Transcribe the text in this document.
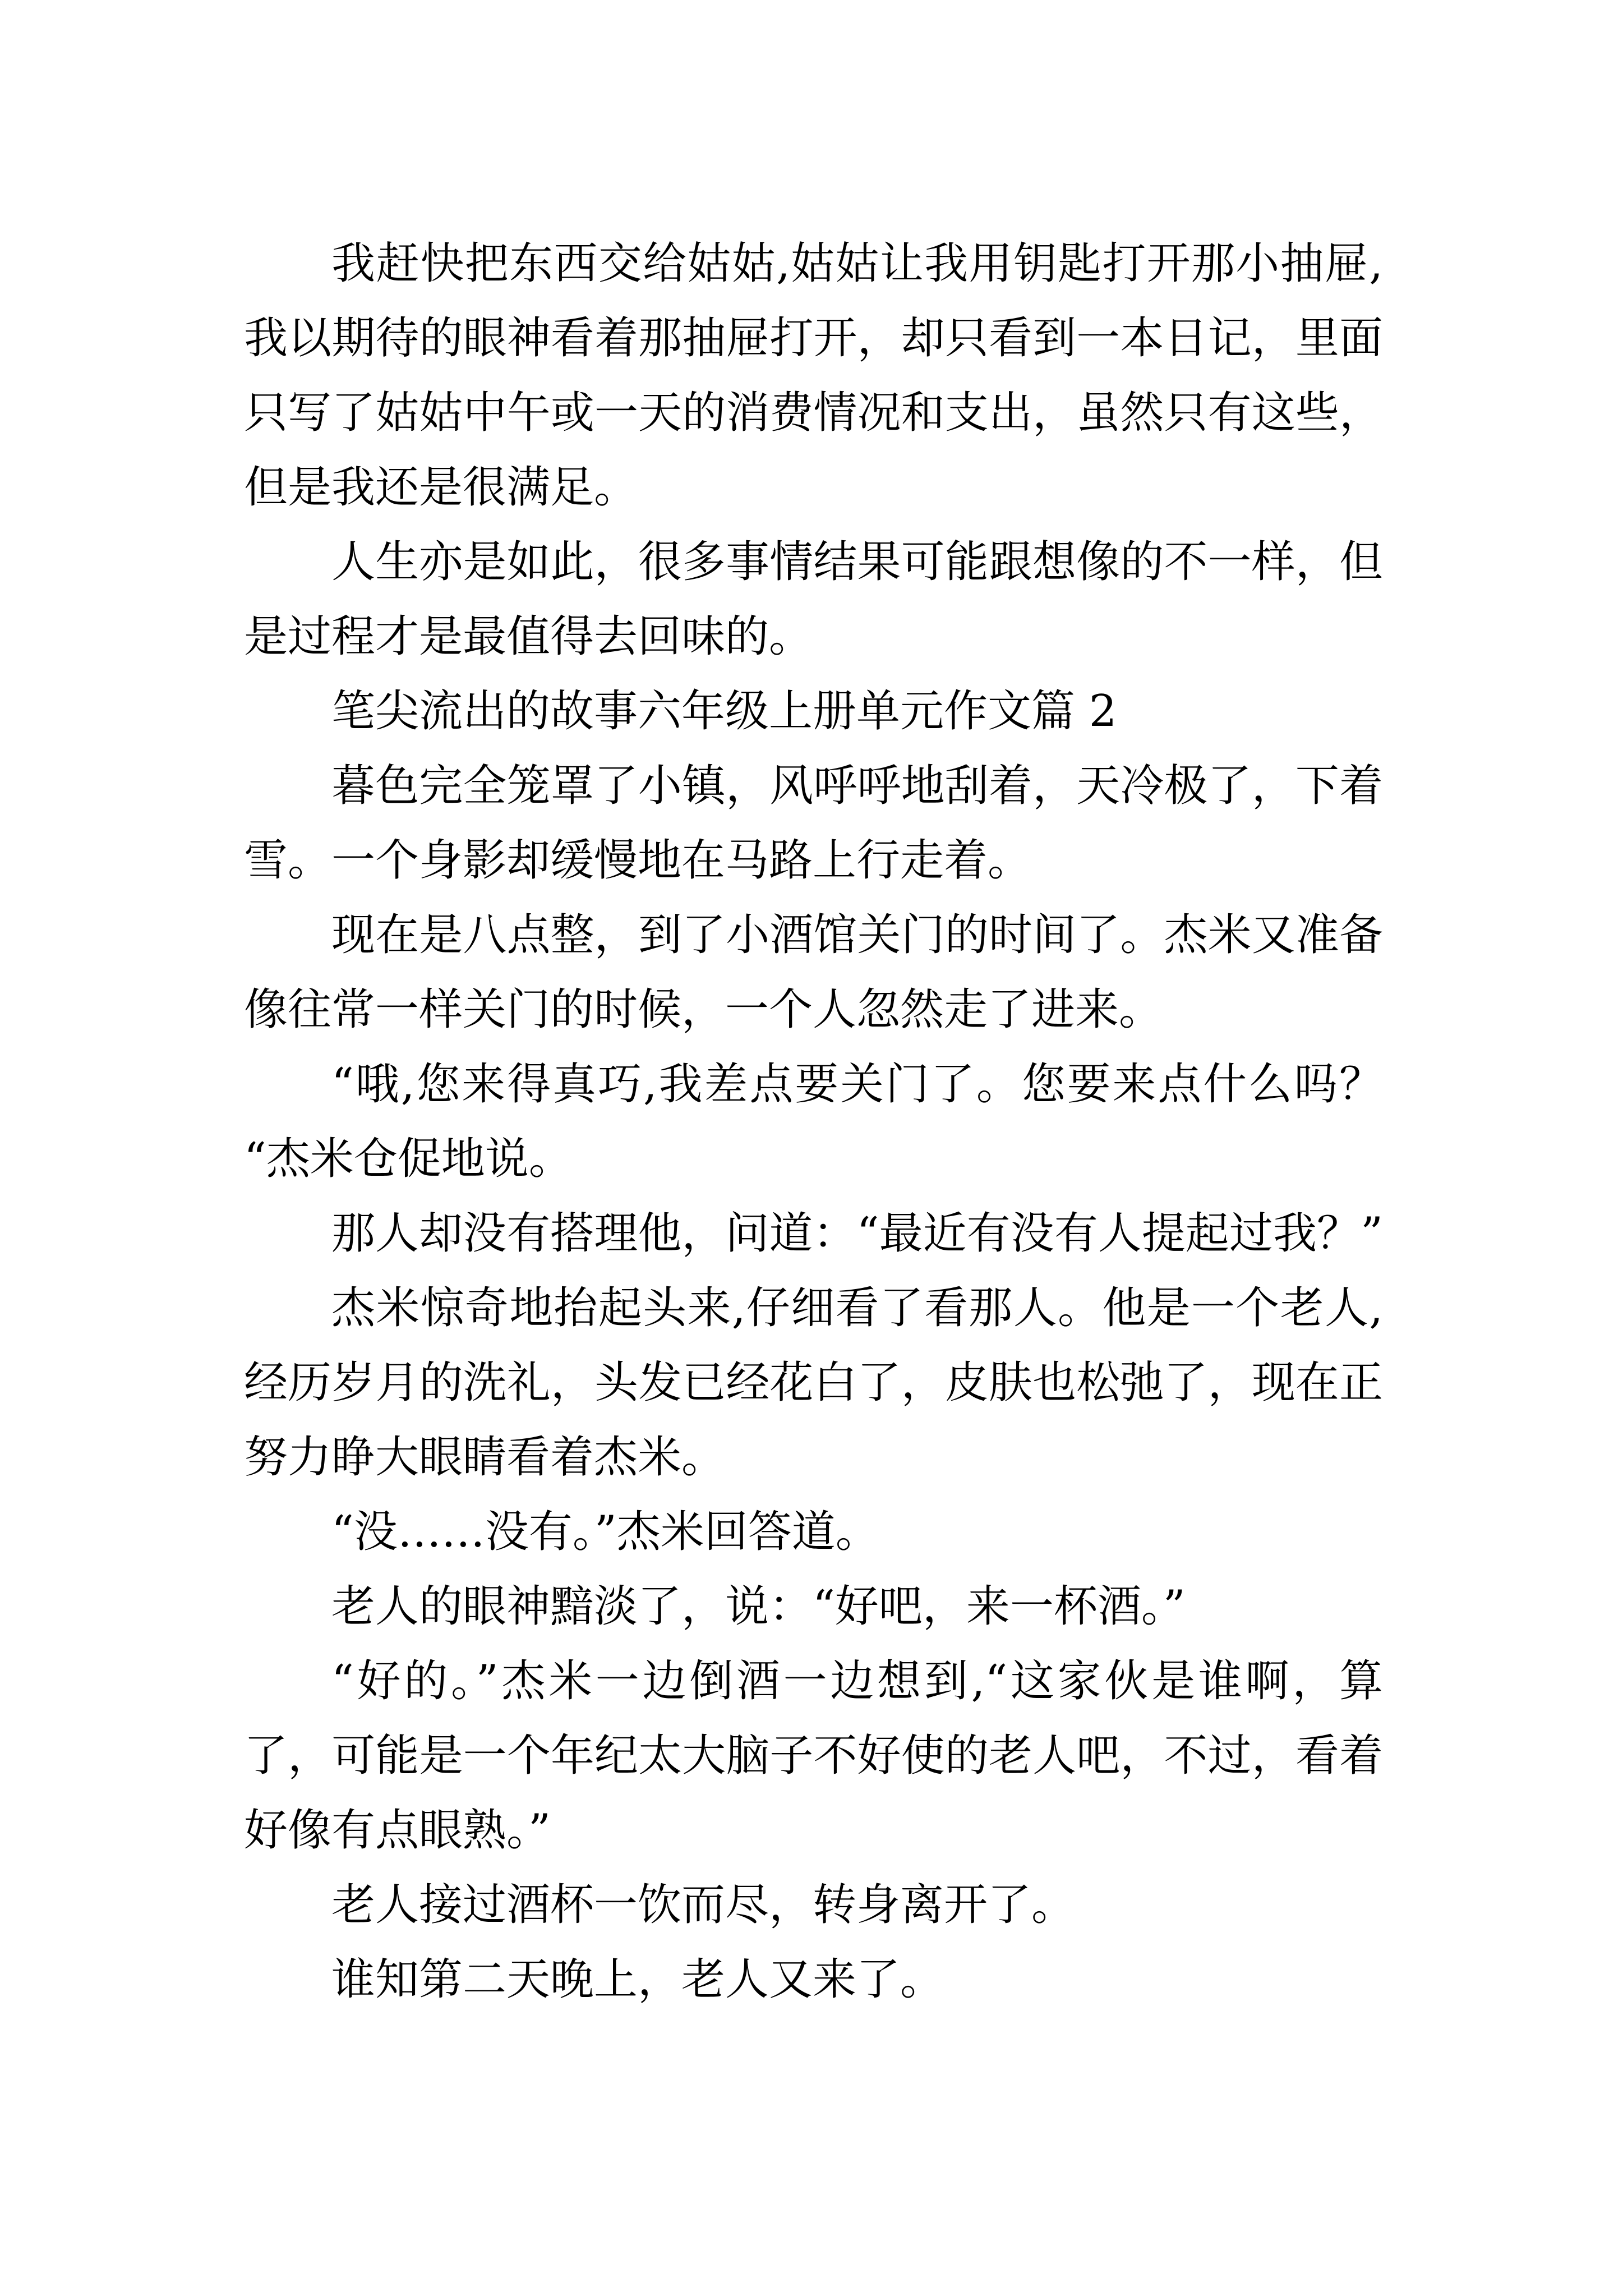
我赶快把东西交给姑姑,姑姑让我用钥匙打开那小抽屉,
我以期待的眼神看着那抽屉打开，却只看到一本日记，里面
只写了姑姑中午或一天的消费情况和支出，虽然只有这些，
但是我还是很满足。
人生亦是如此，很多事情结果可能跟想像的不一样，但
是过程才是最值得去回味的。
笔尖流出的故事六年级上册单元作文篇 2
暮色完全笼罩了小镇，风呼呼地刮着，天冷极了，下着
雪。一个身影却缓慢地在马路上行走着。
现在是八点整，到了小酒馆关门的时间了。杰米又准备
像往常一样关门的时候，一个人忽然走了进来。
“哦,您来得真巧,我差点要关门了。您要来点什么吗？
“杰米仓促地说。
那人却没有搭理他，问道：“最近有没有人提起过我？”
杰米惊奇地抬起头来,仔细看了看那人。他是一个老人,
经历岁月的洗礼，头发已经花白了，皮肤也松弛了，现在正
努力睁大眼睛看着杰米。
“没……没有。”杰米回答道。
老人的眼神黯淡了，说：“好吧，来一杯酒。”
“好的。”杰米一边倒酒一边想到,“这家伙是谁啊，算
了，可能是一个年纪太大脑子不好使的老人吧，不过，看着
好像有点眼熟。”
老人接过酒杯一饮而尽，转身离开了。
谁知第二天晚上，老人又来了。
